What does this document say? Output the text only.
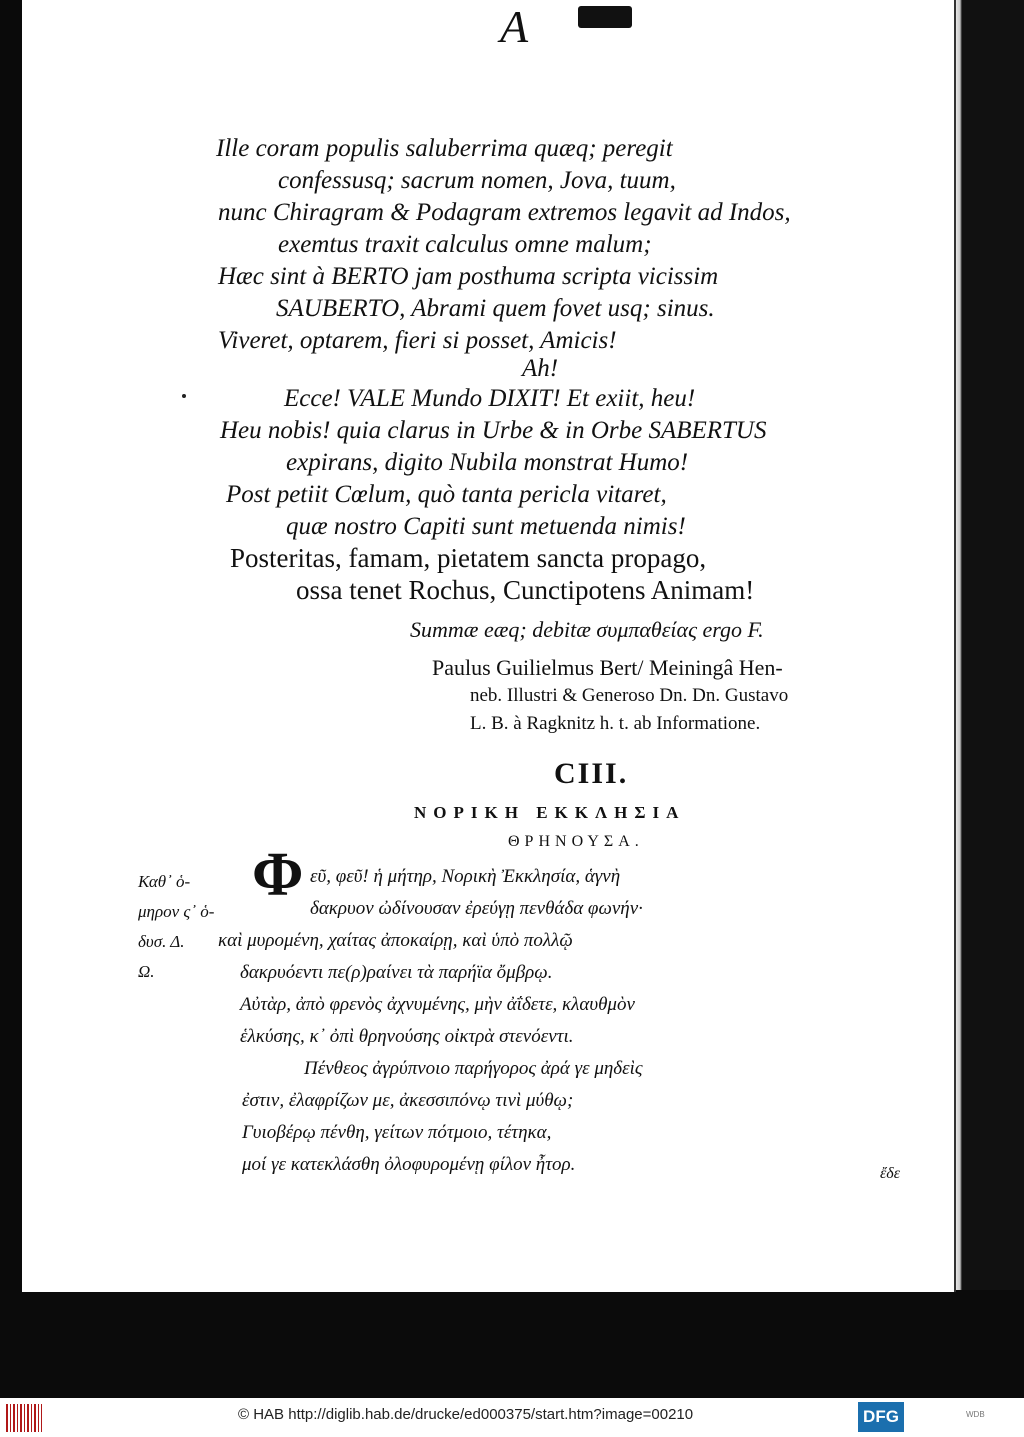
A
Ille coram populis saluberrima quæq; peregit
confessusq; sacrum nomen, Jova, tuum,
nunc Chiragram & Podagram extremos legavit ad Indos,
exemtus traxit calculus omne malum;
Hæc sint à BERTO jam posthuma scripta vicissim
SAUBERTO, Abrami quem fovet usq; sinus.
Viveret, optarem, fieri si posset, Amicis!
Ah!
Ecce! VALE Mundo DIXIT! Et exiit, heu!
Heu nobis! quia clarus in Urbe & in Orbe SABERTUS
expirans, digito Nubila monstrat Humo!
Post petiit Cœlum, quò tanta pericla vitaret,
quæ nostro Capiti sunt metuenda nimis!
Posteritas, famam, pietatem sancta propago,
ossa tenet Rochus, Cunctipotens Animam!
Summæ eæq; debitæ συμπαθείας ergo F.
Paulus Guilielmus Bert/ Meiningâ Hen-
neb. Illustri & Generoso Dn. Dn. Gustavo
L. B. à Ragknitz h. t. ab Informatione.
CIII.
ΝΟΡΙΚΗ ΕΚΚΛΗΣΙΑ
ΘΡΗΝΟΥΣΑ.
Καθ᾽ ὁ-
μηρον ς᾽ ὁ-
δυσ. Δ.
Ω.
Φ εῦ, φεῦ! ἡ μήτηρ, Νορικὴ Ἐκκλησία, ἁγνὴ
δακρυον ὠδίνουσαν ἐρεύγῃ πενθάδα φωνήν·
καὶ μυρομένη, χαίτας ἀποκαίρῃ, καὶ ὑπὸ πολλῷ
δακρυόεντι πε(ρ)ραίνει τὰ παρήϊα ὄμβρῳ.
Αὐτὰρ, ἀπὸ φρενὸς ἀχνυμένης, μὴν ἀΐδετε, κλαυθμὸν
ἑλκύσης, κ᾽ ὀπὶ θρηνούσης οἰκτρὰ στενόεντι.
Πένθεος ἀγρύπνοιο παρήγορος ἀρά γε μηδεὶς
ἐστιν, ἐλαφρίζων με, ἀκεσσιπόνῳ τινὶ μύθῳ;
Γυιοβέρῳ πένθη, γείτων πότμοιο, τέτηκα,
μοί γε κατεκλάσθη ὀλοφυρομένῃ φίλον ἦτορ.	ἔδε
© HAB http://diglib.hab.de/drucke/ed000375/start.htm?image=00210	DFG	WDB
